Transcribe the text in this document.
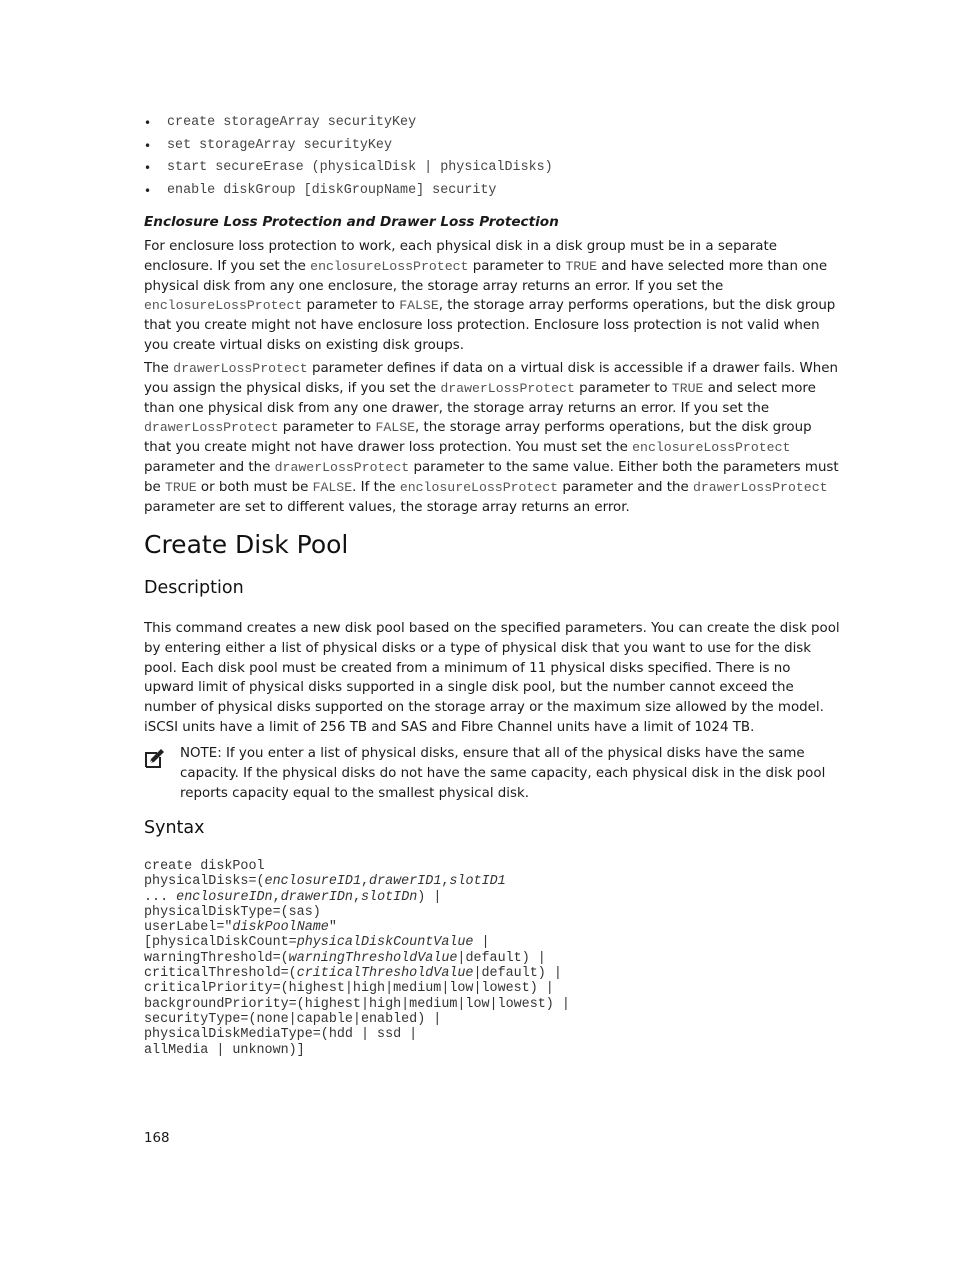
• create storageArray securityKey
• set storageArray securityKey
• start secureErase (physicalDisk | physicalDisks)
• enable diskGroup [diskGroupName] security
Enclosure Loss Protection and Drawer Loss Protection

For enclosure loss protection to work, each physical disk in a disk group must be in a separate enclosure. If you set the enclosureLossProtect parameter to TRUE and have selected more than one physical disk from any one enclosure, the storage array returns an error. If you set the enclosureLossProtect parameter to FALSE, the storage array performs operations, but the disk group that you create might not have enclosure loss protection. Enclosure loss protection is not valid when you create virtual disks on existing disk groups.

The drawerLossProtect parameter defines if data on a virtual disk is accessible if a drawer fails. When you assign the physical disks, if you set the drawerLossProtect parameter to TRUE and select more than one physical disk from any one drawer, the storage array returns an error. If you set the drawerLossProtect parameter to FALSE, the storage array performs operations, but the disk group that you create might not have drawer loss protection. You must set the enclosureLossProtect parameter and the drawerLossProtect parameter to the same value. Either both the parameters must be TRUE or both must be FALSE. If the enclosureLossProtect parameter and the drawerLossProtect parameter are set to different values, the storage array returns an error.

Create Disk Pool
Description

This command creates a new disk pool based on the specified parameters. You can create the disk pool by entering either a list of physical disks or a type of physical disk that you want to use for the disk pool. Each disk pool must be created from a minimum of 11 physical disks specified. There is no upward limit of physical disks supported in a single disk pool, but the number cannot exceed the number of physical disks supported on the storage array or the maximum size allowed by the model. iSCSI units have a limit of 256 TB and SAS and Fibre Channel units have a limit of 1024 TB.

NOTE: If you enter a list of physical disks, ensure that all of the physical disks have the same capacity. If the physical disks do not have the same capacity, each physical disk in the disk pool reports capacity equal to the smallest physical disk.
Syntax
create diskPool
physicalDisks=(enclosureID1,drawerID1,slotID1
... enclosureIDn,drawerIDn,slotIDn) |
physicalDiskType=(sas)
userLabel="diskPoolName"
[physicalDiskCount=physicalDiskCountValue |
warningThreshold=(warningThresholdValue|default) |
criticalThreshold=(criticalThresholdValue|default) |
criticalPriority=(highest|high|medium|low|lowest) |
backgroundPriority=(highest|high|medium|low|lowest) |
securityType=(none|capable|enabled) |
physicalDiskMediaType=(hdd | ssd |
allMedia | unknown)]
168
